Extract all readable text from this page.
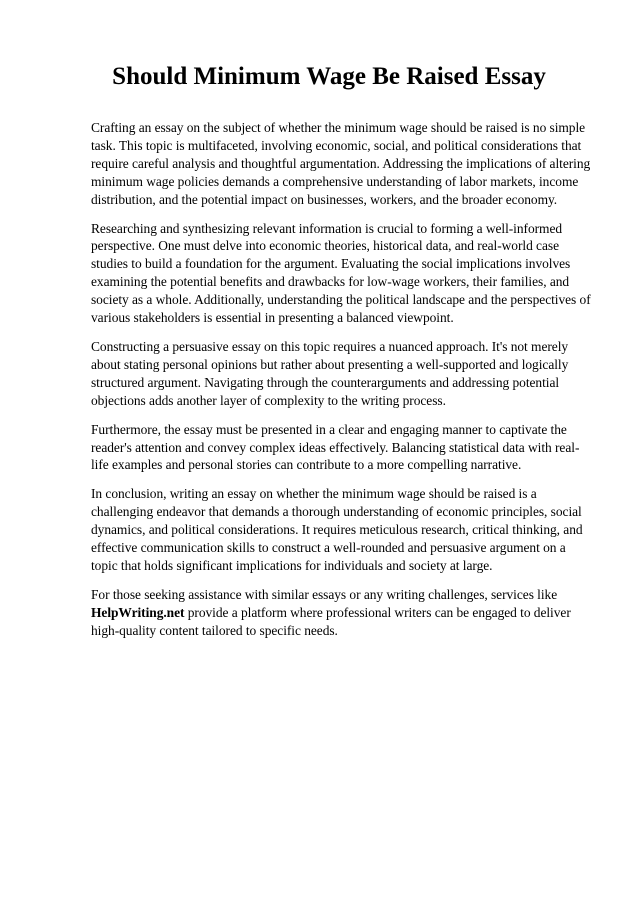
Should Minimum Wage Be Raised Essay

Crafting an essay on the subject of whether the minimum wage should be raised is no simple task. This topic is multifaceted, involving economic, social, and political considerations that require careful analysis and thoughtful argumentation. Addressing the implications of altering minimum wage policies demands a comprehensive understanding of labor markets, income distribution, and the potential impact on businesses, workers, and the broader economy.

Researching and synthesizing relevant information is crucial to forming a well-informed perspective. One must delve into economic theories, historical data, and real-world case studies to build a foundation for the argument. Evaluating the social implications involves examining the potential benefits and drawbacks for low-wage workers, their families, and society as a whole. Additionally, understanding the political landscape and the perspectives of various stakeholders is essential in presenting a balanced viewpoint.

Constructing a persuasive essay on this topic requires a nuanced approach. It's not merely about stating personal opinions but rather about presenting a well-supported and logically structured argument. Navigating through the counterarguments and addressing potential objections adds another layer of complexity to the writing process.

Furthermore, the essay must be presented in a clear and engaging manner to captivate the reader's attention and convey complex ideas effectively. Balancing statistical data with real-life examples and personal stories can contribute to a more compelling narrative.

In conclusion, writing an essay on whether the minimum wage should be raised is a challenging endeavor that demands a thorough understanding of economic principles, social dynamics, and political considerations. It requires meticulous research, critical thinking, and effective communication skills to construct a well-rounded and persuasive argument on a topic that holds significant implications for individuals and society at large.

For those seeking assistance with similar essays or any writing challenges, services like HelpWriting.net provide a platform where professional writers can be engaged to deliver high-quality content tailored to specific needs.
